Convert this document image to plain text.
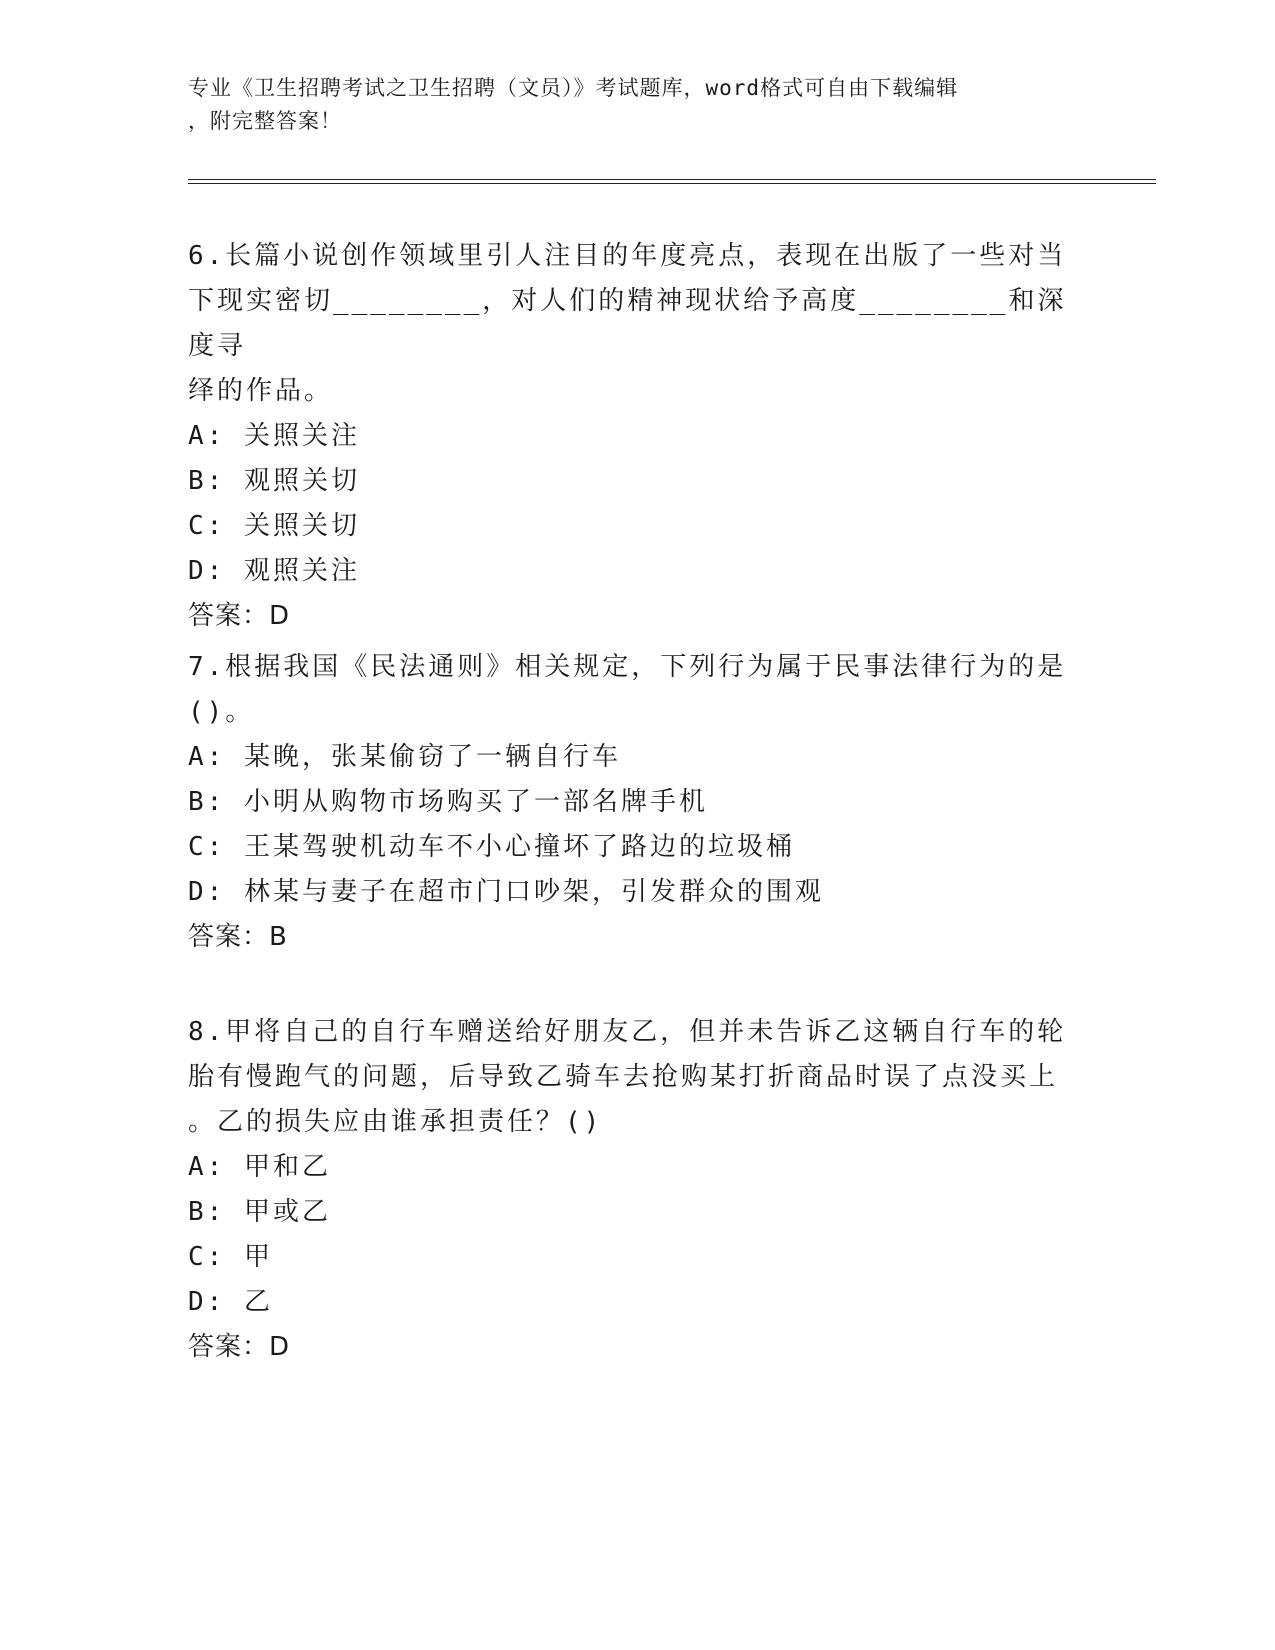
专业《卫生招聘考试之卫生招聘（文员）》考试题库，word格式可自由下载编辑
，附完整答案！

6.长篇小说创作领域里引人注目的年度亮点，表现在出版了一些对当
下现实密切________，对人们的精神现状给予高度________和深度寻
绎的作品。

A: 关照关注

B: 观照关切

C: 关照关切

D: 观照关注

答案：D

7.根据我国《民法通则》相关规定，下列行为属于民事法律行为的是
()。

A: 某晚，张某偷窃了一辆自行车

B: 小明从购物市场购买了一部名牌手机

C: 王某驾驶机动车不小心撞坏了路边的垃圾桶

D: 林某与妻子在超市门口吵架，引发群众的围观

答案：B

8.甲将自己的自行车赠送给好朋友乙，但并未告诉乙这辆自行车的轮
胎有慢跑气的问题，后导致乙骑车去抢购某打折商品时误了点没买上
。乙的损失应由谁承担责任？()

A: 甲和乙

B: 甲或乙

C: 甲

D: 乙

答案：D
